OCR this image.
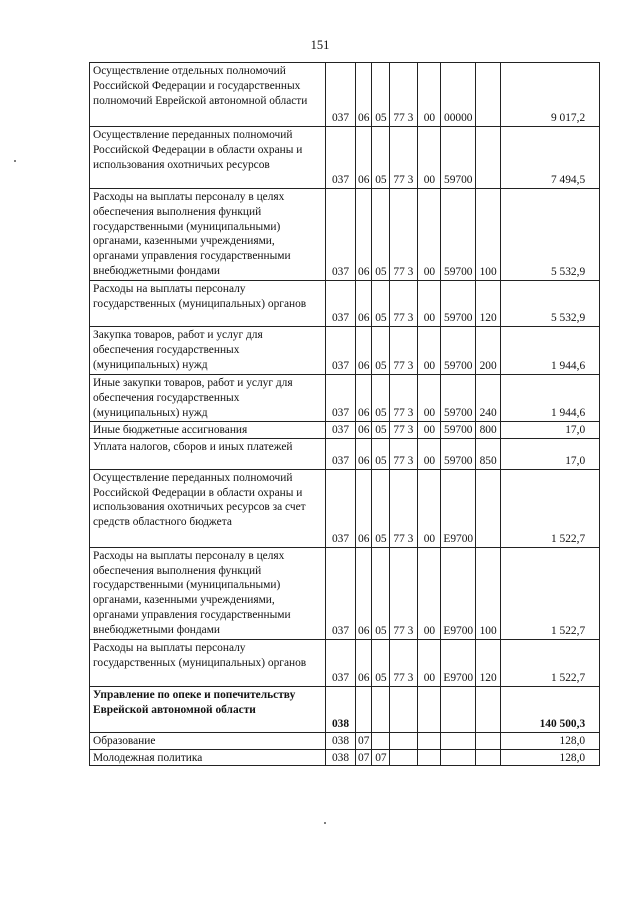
151
Осуществление отдельных полномочий Российской Федерации и государственных полномочий Еврейской автономной области	037	06	05	77 3	00	00000		9 017,2
Осуществление переданных полномочий Российской Федерации в области охраны и использования охотничьих ресурсов	037	06	05	77 3	00	59700		7 494,5
Расходы на выплаты персоналу в целях обеспечения выполнения функций государственными (муниципальными) органами, казенными учреждениями, органами управления государственными внебюджетными фондами	037	06	05	77 3	00	59700	100	5 532,9
Расходы на выплаты персоналу государственных (муниципальных) органов	037	06	05	77 3	00	59700	120	5 532,9
Закупка товаров, работ и услуг для обеспечения государственных (муниципальных) нужд	037	06	05	77 3	00	59700	200	1 944,6
Иные закупки товаров, работ и услуг для обеспечения государственных (муниципальных) нужд	037	06	05	77 3	00	59700	240	1 944,6
Иные бюджетные ассигнования	037	06	05	77 3	00	59700	800	17,0
Уплата налогов, сборов и иных платежей	037	06	05	77 3	00	59700	850	17,0
Осуществление переданных полномочий Российской Федерации в области охраны и использования охотничьих ресурсов за счет средств областного бюджета	037	06	05	77 3	00	E9700		1 522,7
Расходы на выплаты персоналу в целях обеспечения выполнения функций государственными (муниципальными) органами, казенными учреждениями, органами управления государственными внебюджетными фондами	037	06	05	77 3	00	E9700	100	1 522,7
Расходы на выплаты персоналу государственных (муниципальных) органов	037	06	05	77 3	00	E9700	120	1 522,7
Управление по опеке и попечительству Еврейской автономной области	038							140 500,3
Образование	038	07						128,0
Молодежная политика	038	07	07					128,0
